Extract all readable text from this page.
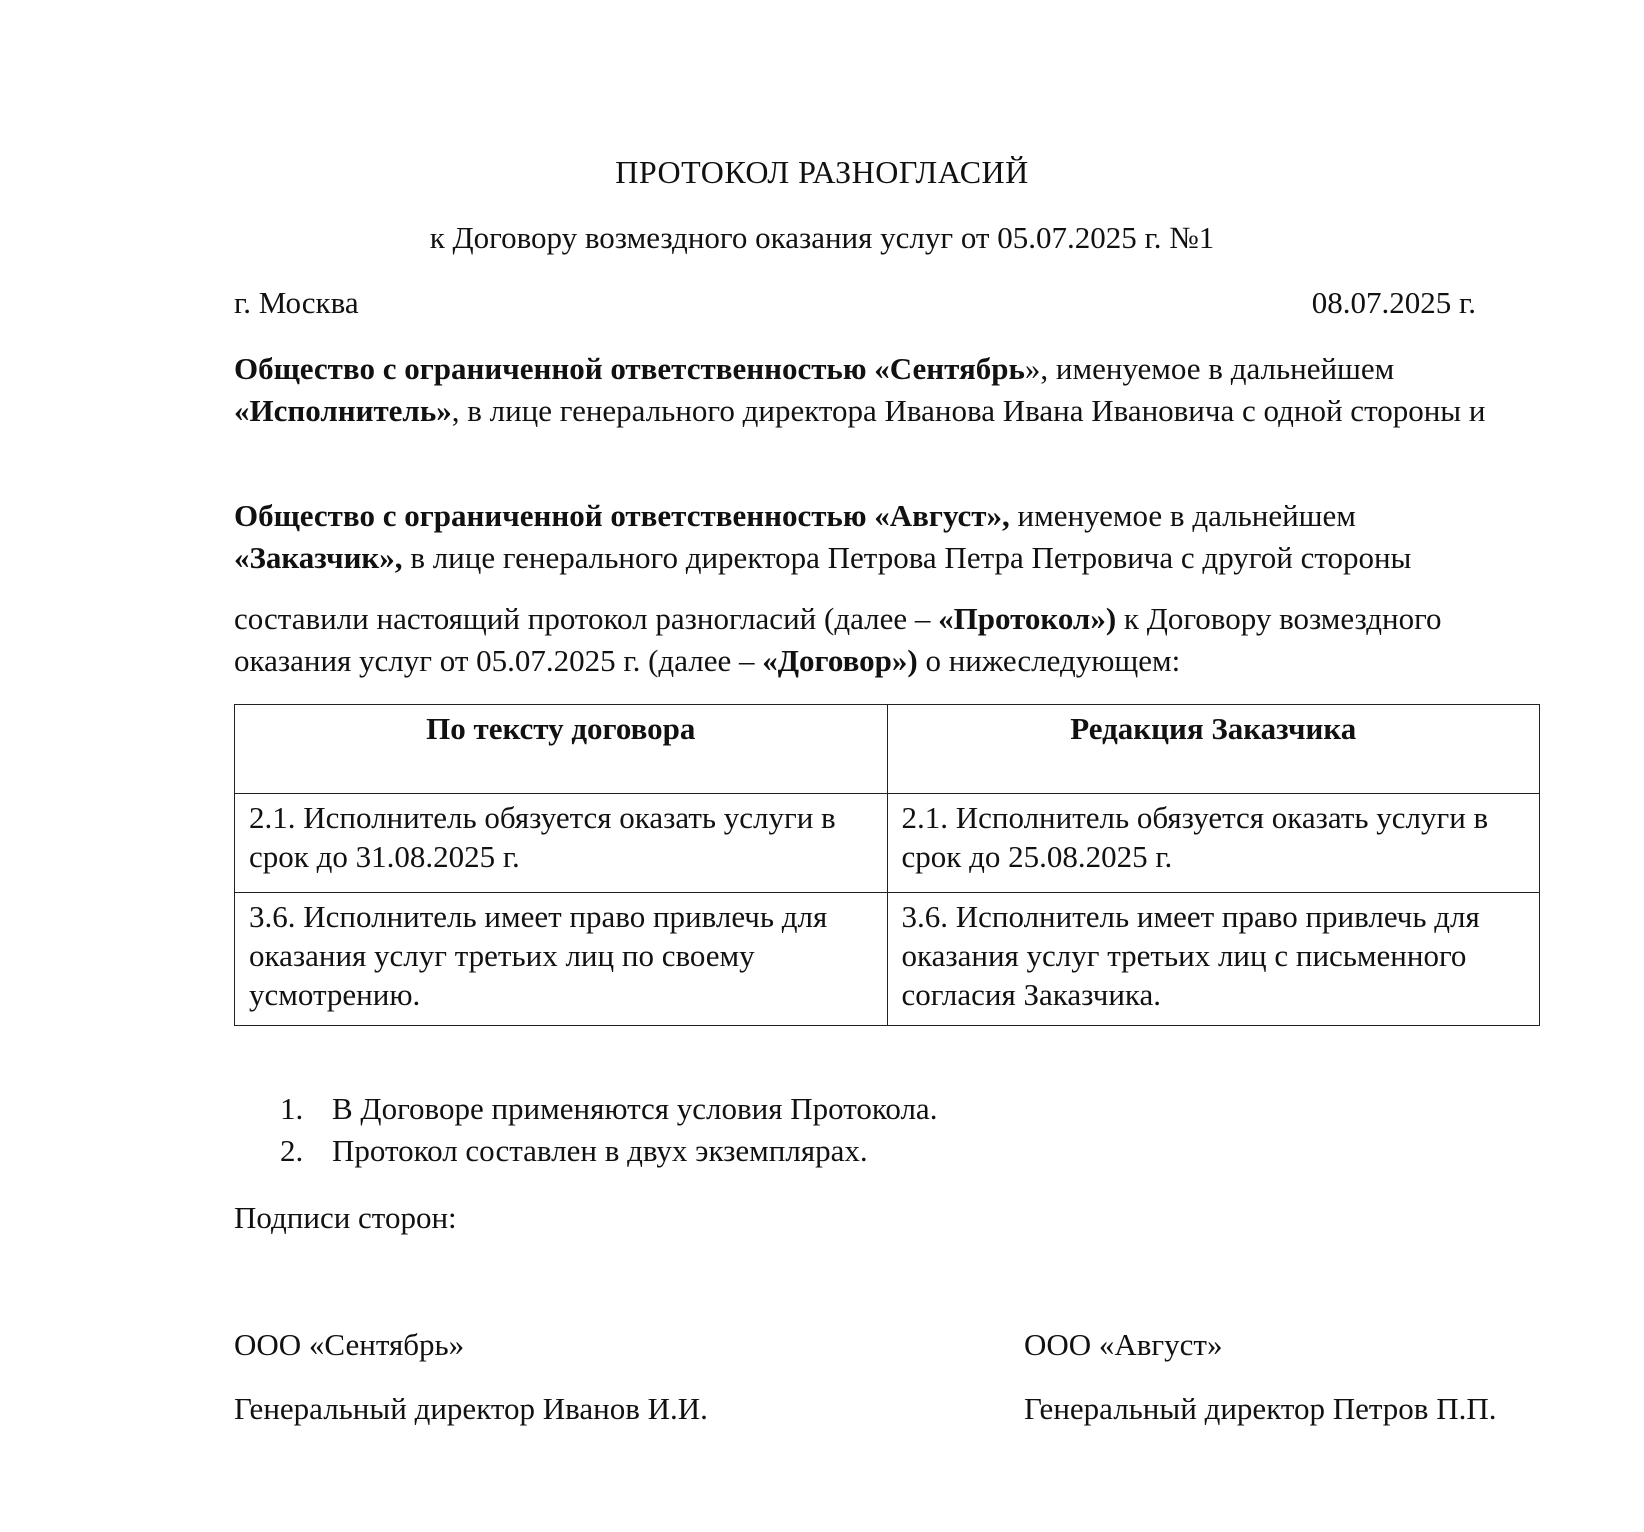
ПРОТОКОЛ РАЗНОГЛАСИЙ
к Договору возмездного оказания услуг от 05.07.2025 г. №1
г. Москва	08.07.2025 г.
Общество с ограниченной ответственностью «Сентябрь», именуемое в дальнейшем
«Исполнитель», в лице генерального директора Иванова Ивана Ивановича с одной стороны и
Общество с ограниченной ответственностью «Август», именуемое в дальнейшем
«Заказчик», в лице генерального директора Петрова Петра Петровича с другой стороны
составили настоящий протокол разногласий (далее – «Протокол») к Договору возмездного оказания услуг от 05.07.2025 г. (далее – «Договор») о нижеследующем:
По тексту договора	Редакция Заказчика
2.1. Исполнитель обязуется оказать услуги в срок до 31.08.2025 г.	2.1. Исполнитель обязуется оказать услуги в срок до 25.08.2025 г.
3.6. Исполнитель имеет право привлечь для оказания услуг третьих лиц по своему усмотрению.	3.6. Исполнитель имеет право привлечь для оказания услуг третьих лиц с письменного согласия Заказчика.
1. В Договоре применяются условия Протокола.
2. Протокол составлен в двух экземплярах.
Подписи сторон:
ООО «Сентябрь»
Генеральный директор Иванов И.И.
ООО «Август»
Генеральный директор Петров П.П.
